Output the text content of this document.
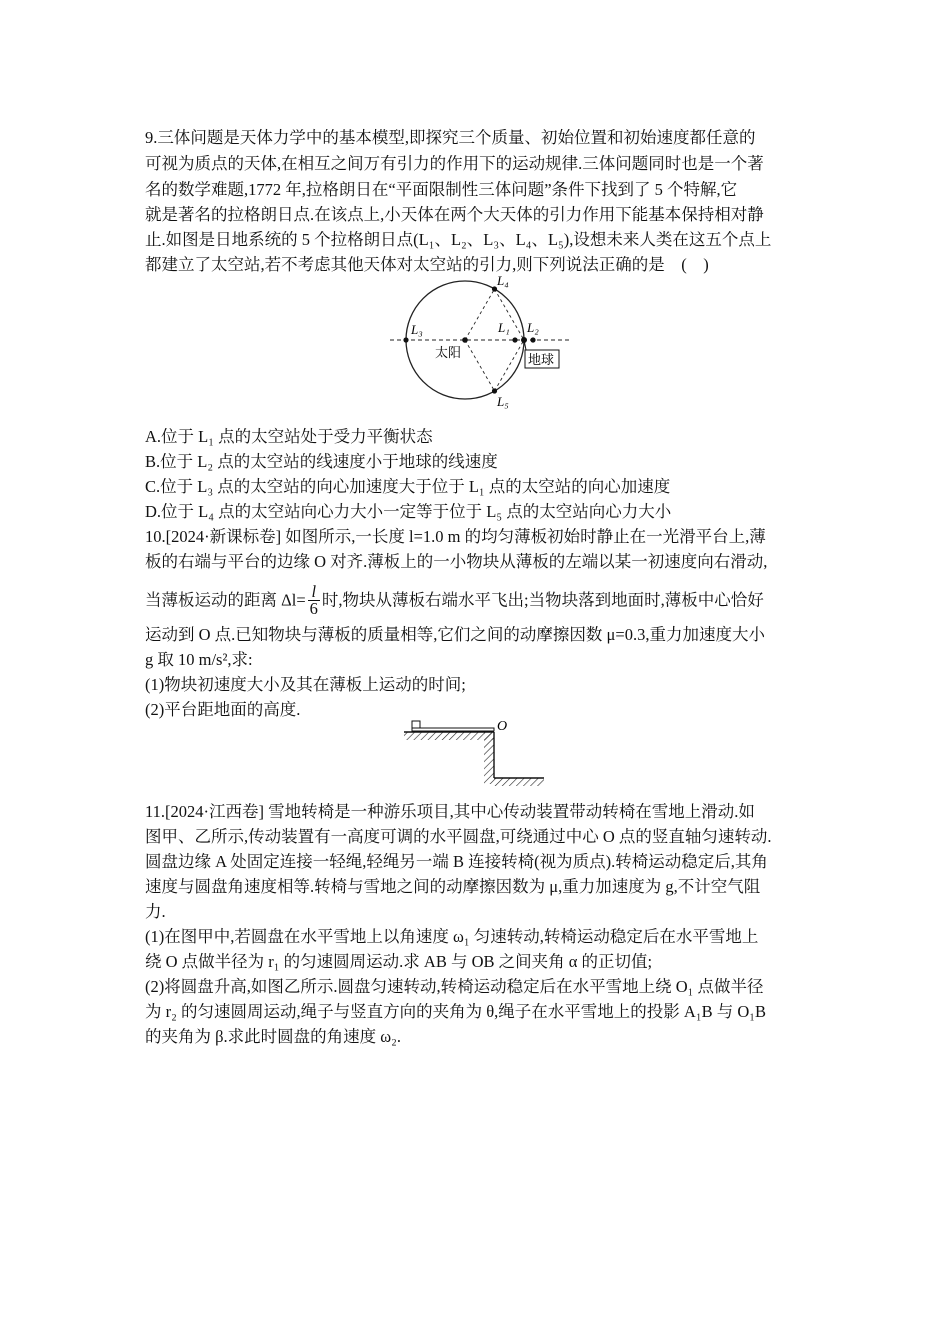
9.三体问题是天体力学中的基本模型,即探究三个质量、初始位置和初始速度都任意的
可视为质点的天体,在相互之间万有引力的作用下的运动规律.三体问题同时也是一个著
名的数学难题,1772 年,拉格朗日在“平面限制性三体问题”条件下找到了 5 个特解,它
就是著名的拉格朗日点.在该点上,小天体在两个大天体的引力作用下能基本保持相对静
止.如图是日地系统的 5 个拉格朗日点(L₁、L₂、L₃、L₄、L₅),设想未来人类在这五个点上
都建立了太空站,若不考虑其他天体对太空站的引力,则下列说法正确的是　(　)
地球
太阳
L₃	L₁ L₂
L₄
L₅
A.位于 L₁ 点的太空站处于受力平衡状态
B.位于 L₂ 点的太空站的线速度小于地球的线速度
C.位于 L₃ 点的太空站的向心加速度大于位于 L₁ 点的太空站的向心加速度
D.位于 L₄ 点的太空站向心力大小一定等于位于 L₅ 点的太空站向心力大小
10.[2024·新课标卷] 如图所示,一长度 l=1.0 m 的均匀薄板初始时静止在一光滑平台上,薄
板的右端与平台的边缘 O 对齐.薄板上的一小物块从薄板的左端以某一初速度向右滑动,
当薄板运动的距离 $\Delta l= \frac{l}{6}$ 时,物块从薄板右端水平飞出;当物块落到地面时,薄板中心恰好
运动到 O 点.已知物块与薄板的质量相等,它们之间的动摩擦因数 μ=0.3,重力加速度大小
g 取 10 m/s²,求:
(1)物块初速度大小及其在薄板上运动的时间;
(2)平台距地面的高度.
O
11.[2024·江西卷] 雪地转椅是一种游乐项目,其中心传动装置带动转椅在雪地上滑动.如
图甲、乙所示,传动装置有一高度可调的水平圆盘,可绕通过中心 O 点的竖直轴匀速转动.
圆盘边缘 A 处固定连接一轻绳,轻绳另一端 B 连接转椅(视为质点).转椅运动稳定后,其角
速度与圆盘角速度相等.转椅与雪地之间的动摩擦因数为 μ,重力加速度为 g,不计空气阻
力.
(1)在图甲中,若圆盘在水平雪地上以角速度 ω₁ 匀速转动,转椅运动稳定后在水平雪地上
绕 O 点做半径为 r₁ 的匀速圆周运动.求 AB 与 OB 之间夹角 α 的正切值;
(2)将圆盘升高,如图乙所示.圆盘匀速转动,转椅运动稳定后在水平雪地上绕 O₁ 点做半径
为 r₂ 的匀速圆周运动,绳子与竖直方向的夹角为 θ,绳子在水平雪地上的投影 A₁B 与 O₁B
的夹角为 β.求此时圆盘的角速度 ω₂.
